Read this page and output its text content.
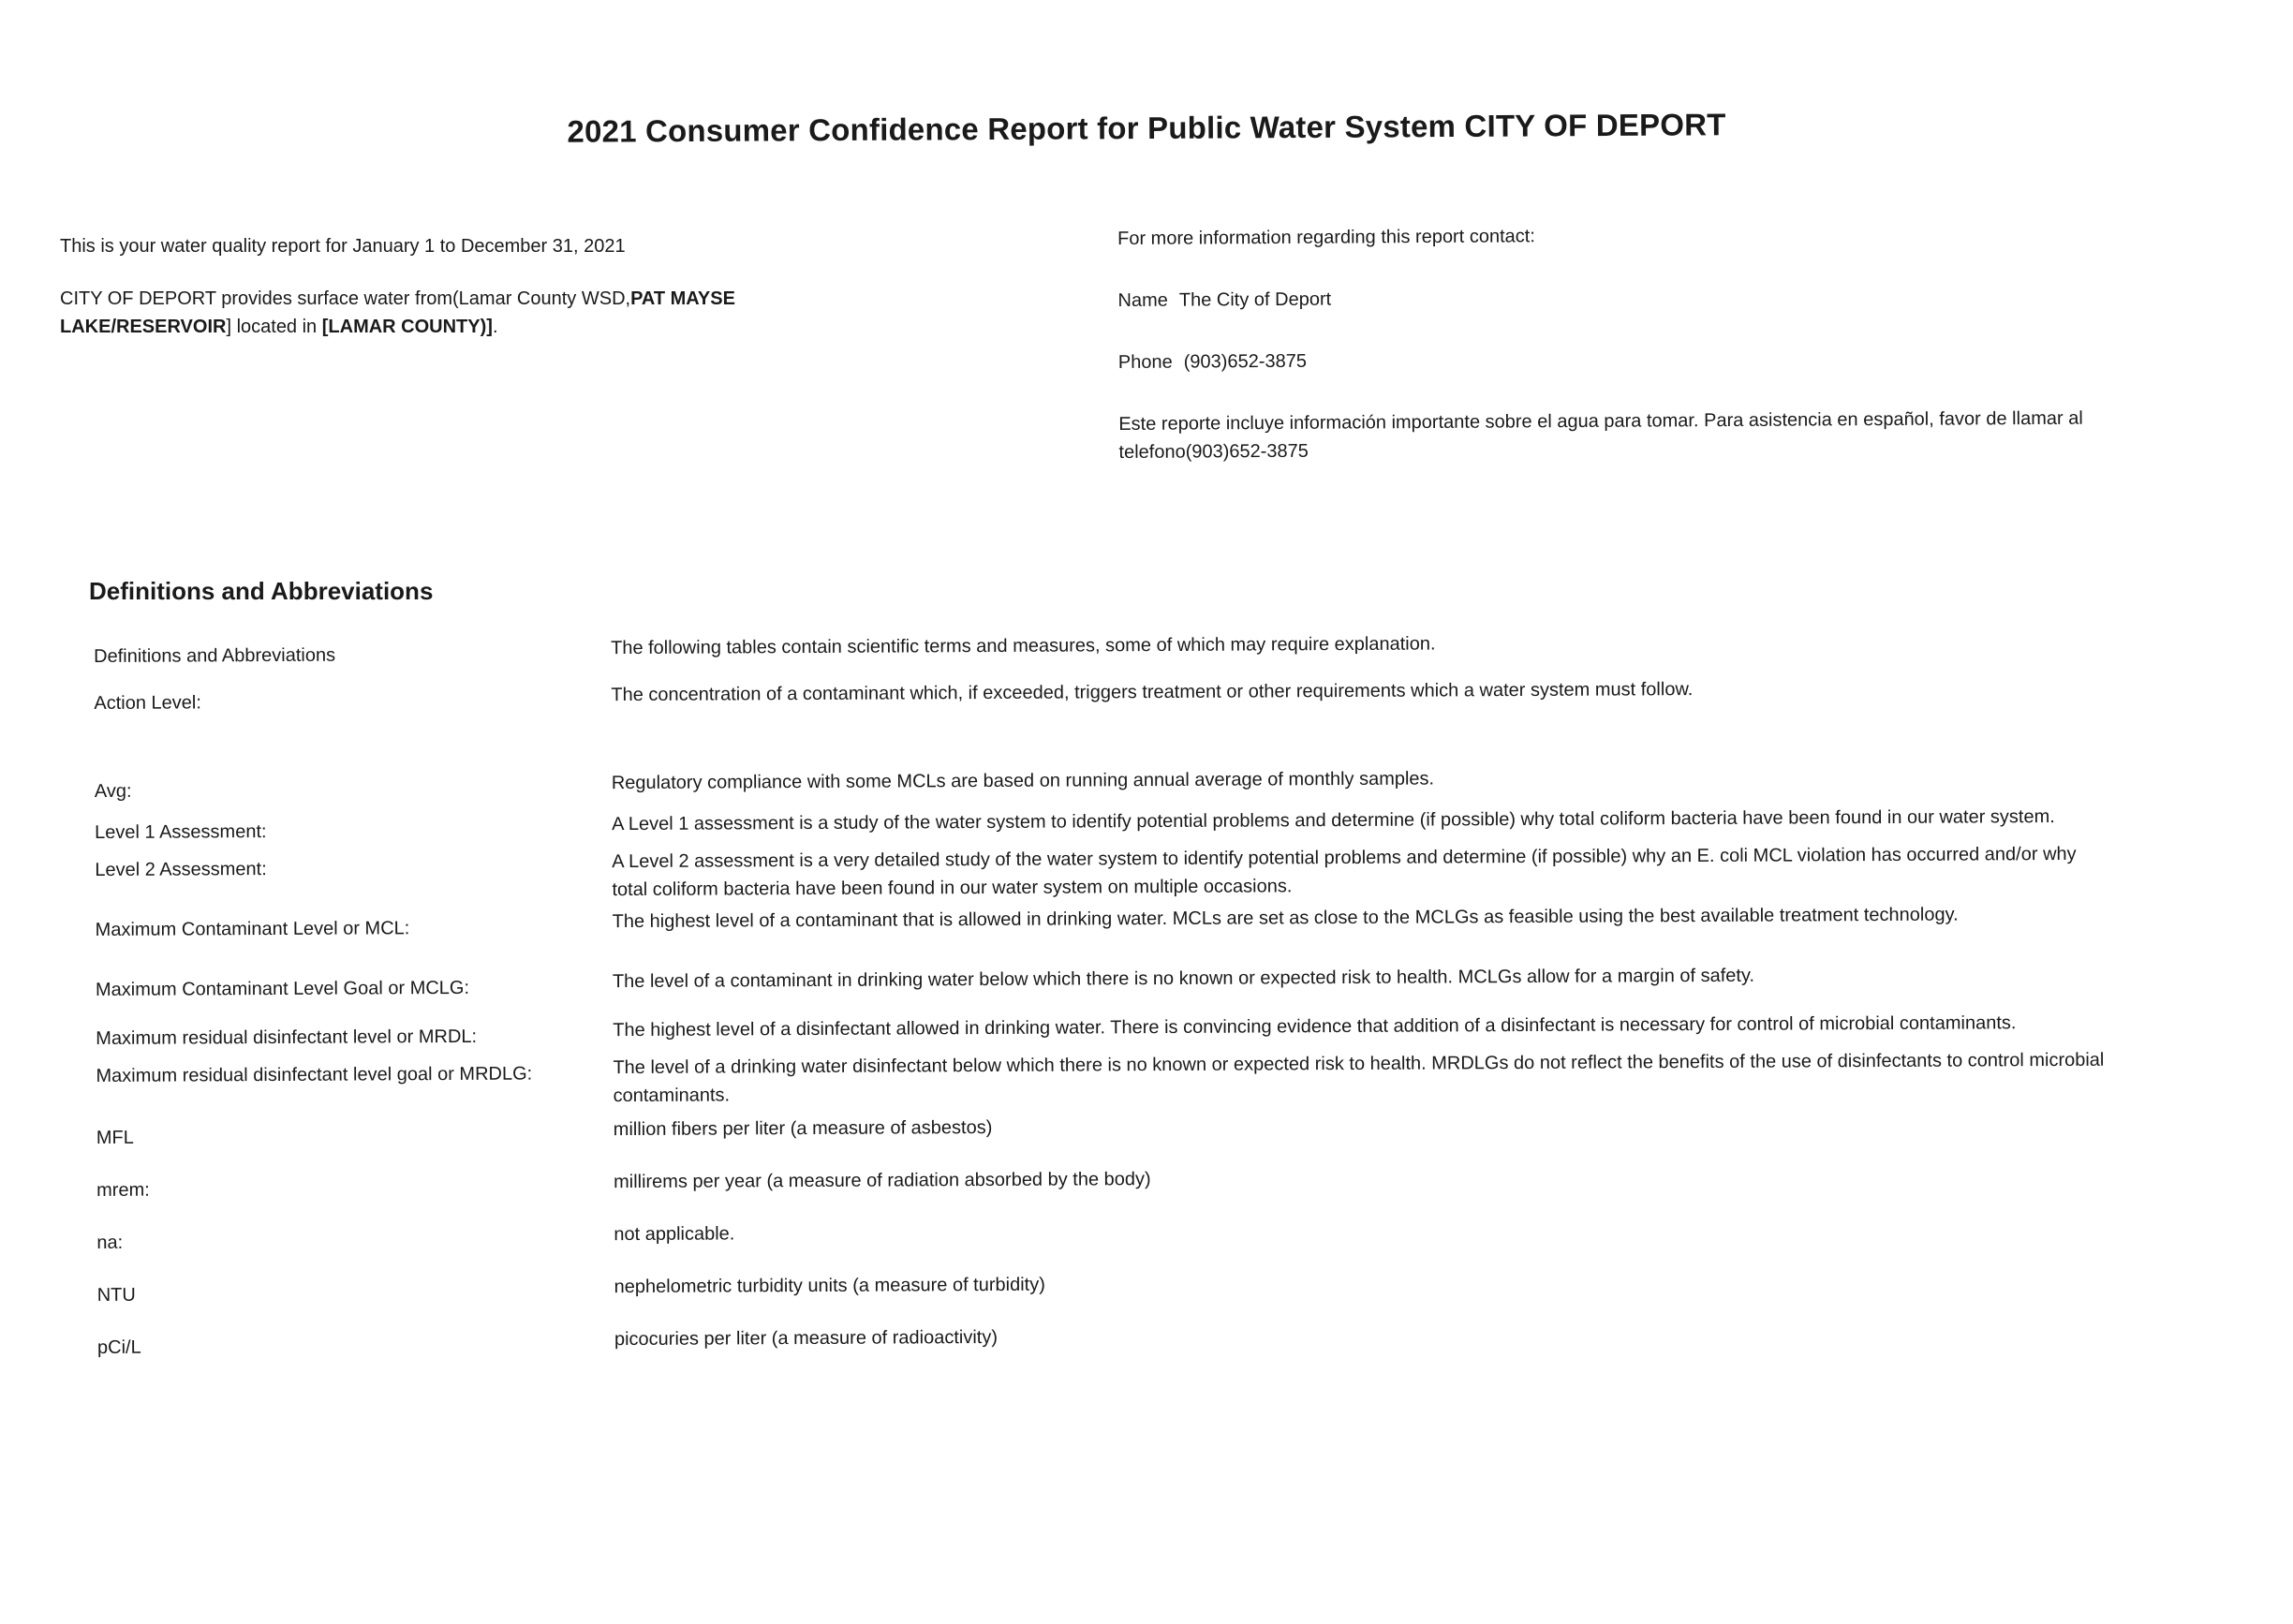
2021 Consumer Confidence Report for Public Water System CITY OF DEPORT

This is your water quality report for January 1 to December 31, 2021

CITY OF DEPORT provides surface water from(Lamar County WSD,PAT MAYSE LAKE/RESERVOIR] located in [LAMAR COUNTY)].

For more information regarding this report contact:

Name The City of Deport

Phone (903)652-3875

Este reporte incluye información importante sobre el agua para tomar. Para asistencia en español, favor de llamar al telefono(903)652-3875

Definitions and Abbreviations
Definitions and Abbreviations	The following tables contain scientific terms and measures, some of which may require explanation.
Action Level:	The concentration of a contaminant which, if exceeded, triggers treatment or other requirements which a water system must follow.
Avg:	Regulatory compliance with some MCLs are based on running annual average of monthly samples.
Level 1 Assessment:	A Level 1 assessment is a study of the water system to identify potential problems and determine (if possible) why total coliform bacteria have been found in our water system.
Level 2 Assessment:	A Level 2 assessment is a very detailed study of the water system to identify potential problems and determine (if possible) why an E. coli MCL violation has occurred and/or why total coliform bacteria have been found in our water system on multiple occasions.
Maximum Contaminant Level or MCL:	The highest level of a contaminant that is allowed in drinking water. MCLs are set as close to the MCLGs as feasible using the best available treatment technology.
Maximum Contaminant Level Goal or MCLG:	The level of a contaminant in drinking water below which there is no known or expected risk to health. MCLGs allow for a margin of safety.
Maximum residual disinfectant level or MRDL:	The highest level of a disinfectant allowed in drinking water. There is convincing evidence that addition of a disinfectant is necessary for control of microbial contaminants.
Maximum residual disinfectant level goal or MRDLG:	The level of a drinking water disinfectant below which there is no known or expected risk to health. MRDLGs do not reflect the benefits of the use of disinfectants to control microbial contaminants.
MFL	million fibers per liter (a measure of asbestos)
mrem:	millirems per year (a measure of radiation absorbed by the body)
na:	not applicable.
NTU	nephelometric turbidity units (a measure of turbidity)
pCi/L	picocuries per liter (a measure of radioactivity)
